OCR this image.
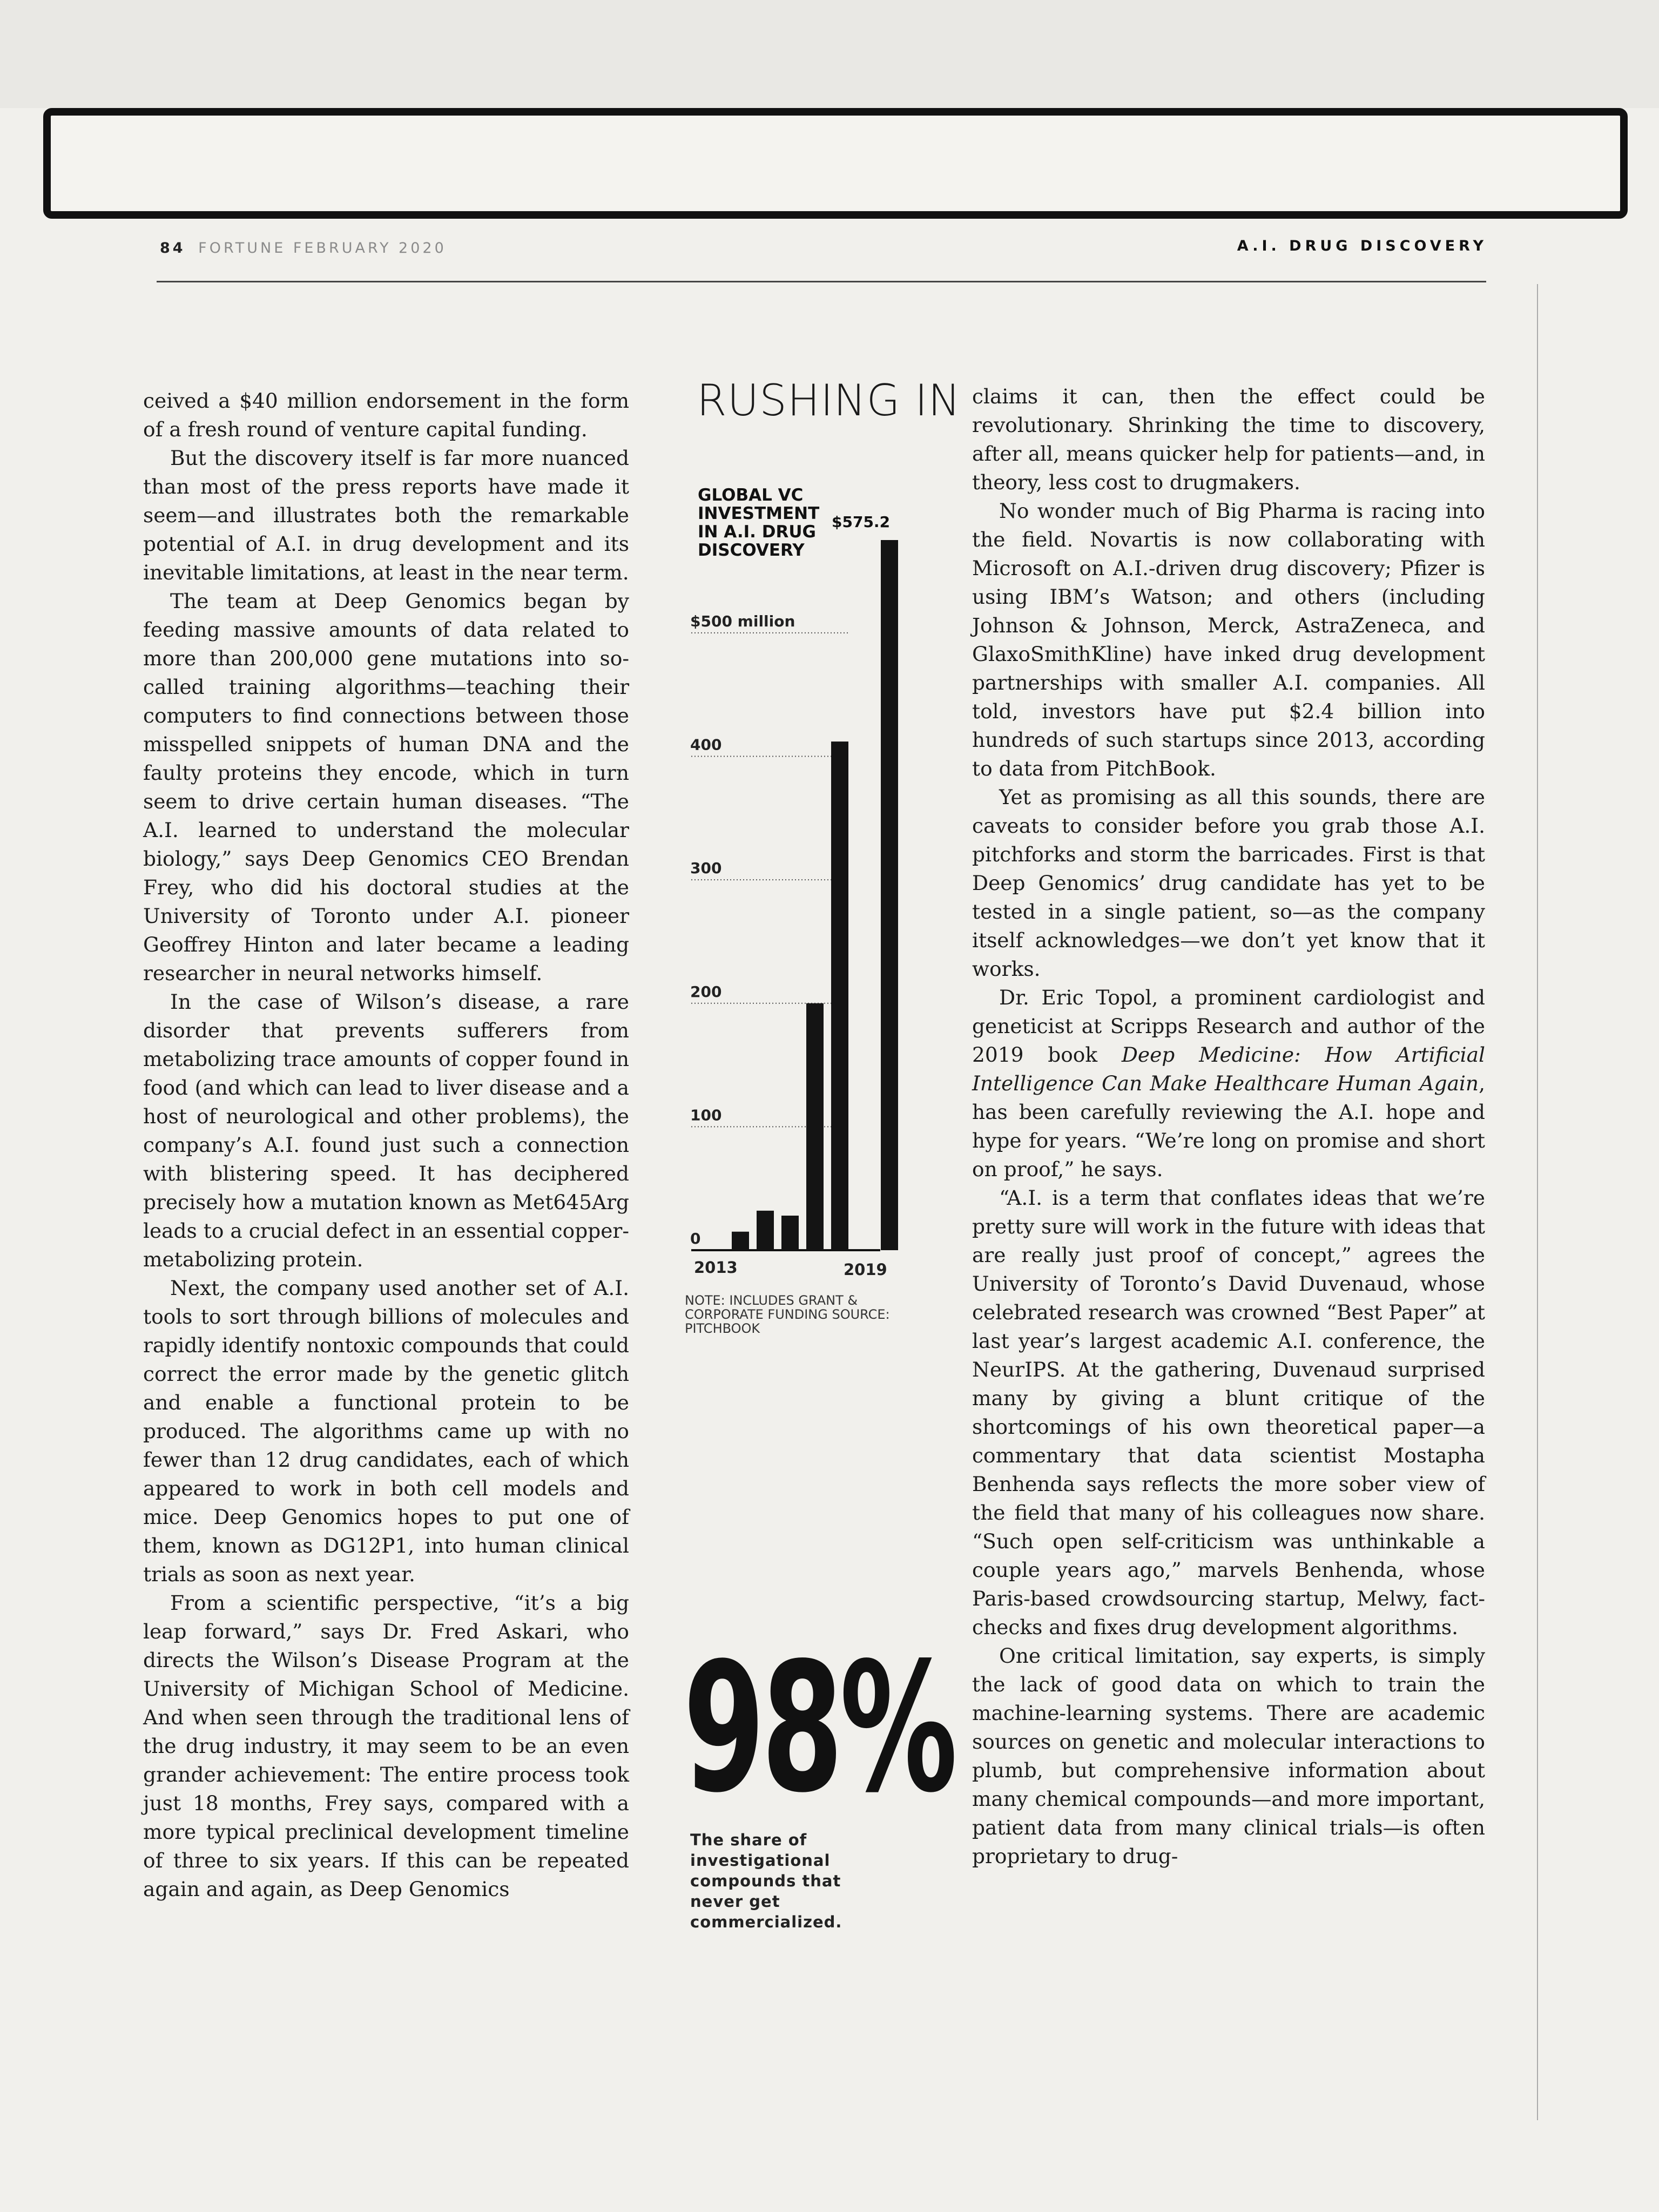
84 FORTUNE FEBRUARY 2020	A.I. DRUG DISCOVERY

ceived a $40 million endorsement in the form of a fresh round of venture capital funding.

But the discovery itself is far more nuanced than most of the press reports have made it seem—and illustrates both the remarkable potential of A.I. in drug development and its inevitable limitations, at least in the near term.

The team at Deep Genomics began by feeding massive amounts of data related to more than 200,000 gene mutations into so-called training algorithms—teaching their computers to find connections between those misspelled snippets of human DNA and the faulty proteins they encode, which in turn seem to drive certain human diseases. “The A.I. learned to understand the molecular biology,” says Deep Genomics CEO Brendan Frey, who did his doctoral studies at the University of Toronto under A.I. pioneer Geoffrey Hinton and later became a leading researcher in neural networks himself.

In the case of Wilson’s disease, a rare disorder that prevents sufferers from metabolizing trace amounts of copper found in food (and which can lead to liver disease and a host of neurological and other problems), the company’s A.I. found just such a connection with blistering speed. It has deciphered precisely how a mutation known as Met645Arg leads to a crucial defect in an essential copper-metabolizing protein.

Next, the company used another set of A.I. tools to sort through billions of molecules and rapidly identify nontoxic compounds that could correct the error made by the genetic glitch and enable a functional protein to be produced. The algorithms came up with no fewer than 12 drug candidates, each of which appeared to work in both cell models and mice. Deep Genomics hopes to put one of them, known as DG12P1, into human clinical trials as soon as next year.

From a scientific perspective, “it’s a big leap forward,” says Dr. Fred Askari, who directs the Wilson’s Disease Program at the University of Michigan School of Medicine. And when seen through the traditional lens of the drug industry, it may seem to be an even grander achievement: The entire process took just 18 months, Frey says, compared with a more typical preclinical development timeline of three to six years. If this can be repeated again and again, as Deep Genomics

RUSHING IN
GLOBAL VC INVESTMENT IN A.I. DRUG DISCOVERY
0
100
200
300
400
$500 million
$575.2
2013	2019
NOTE: INCLUDES GRANT & CORPORATE FUNDING SOURCE: PITCHBOOK
98%
The share of investigational compounds that never get commercialized.

claims it can, then the effect could be revolutionary. Shrinking the time to discovery, after all, means quicker help for patients—and, in theory, less cost to drugmakers.

No wonder much of Big Pharma is racing into the field. Novartis is now collaborating with Microsoft on A.I.-driven drug discovery; Pfizer is using IBM’s Watson; and others (including Johnson & Johnson, Merck, AstraZeneca, and GlaxoSmithKline) have inked drug development partnerships with smaller A.I. companies. All told, investors have put $2.4 billion into hundreds of such startups since 2013, according to data from PitchBook.

Yet as promising as all this sounds, there are caveats to consider before you grab those A.I. pitchforks and storm the barricades. First is that Deep Genomics’ drug candidate has yet to be tested in a single patient, so—as the company itself acknowledges—we don’t yet know that it works.

Dr. Eric Topol, a prominent cardiologist and geneticist at Scripps Research and author of the 2019 book Deep Medicine: How Artificial Intelligence Can Make Healthcare Human Again, has been carefully reviewing the A.I. hope and hype for years. “We’re long on promise and short on proof,” he says.

“A.I. is a term that conflates ideas that we’re pretty sure will work in the future with ideas that are really just proof of concept,” agrees the University of Toronto’s David Duvenaud, whose celebrated research was crowned “Best Paper” at last year’s largest academic A.I. conference, the NeurIPS. At the gathering, Duvenaud surprised many by giving a blunt critique of the shortcomings of his own theoretical paper—a commentary that data scientist Mostapha Benhenda says reflects the more sober view of the field that many of his colleagues now share. “Such open self-criticism was unthinkable a couple years ago,” marvels Benhenda, whose Paris-based crowdsourcing startup, Melwy, fact-checks and fixes drug development algorithms.

One critical limitation, say experts, is simply the lack of good data on which to train the machine-learning systems. There are academic sources on genetic and molecular interactions to plumb, but comprehensive information about many chemical compounds—and more important, patient data from many clinical trials—is often proprietary to drug-
